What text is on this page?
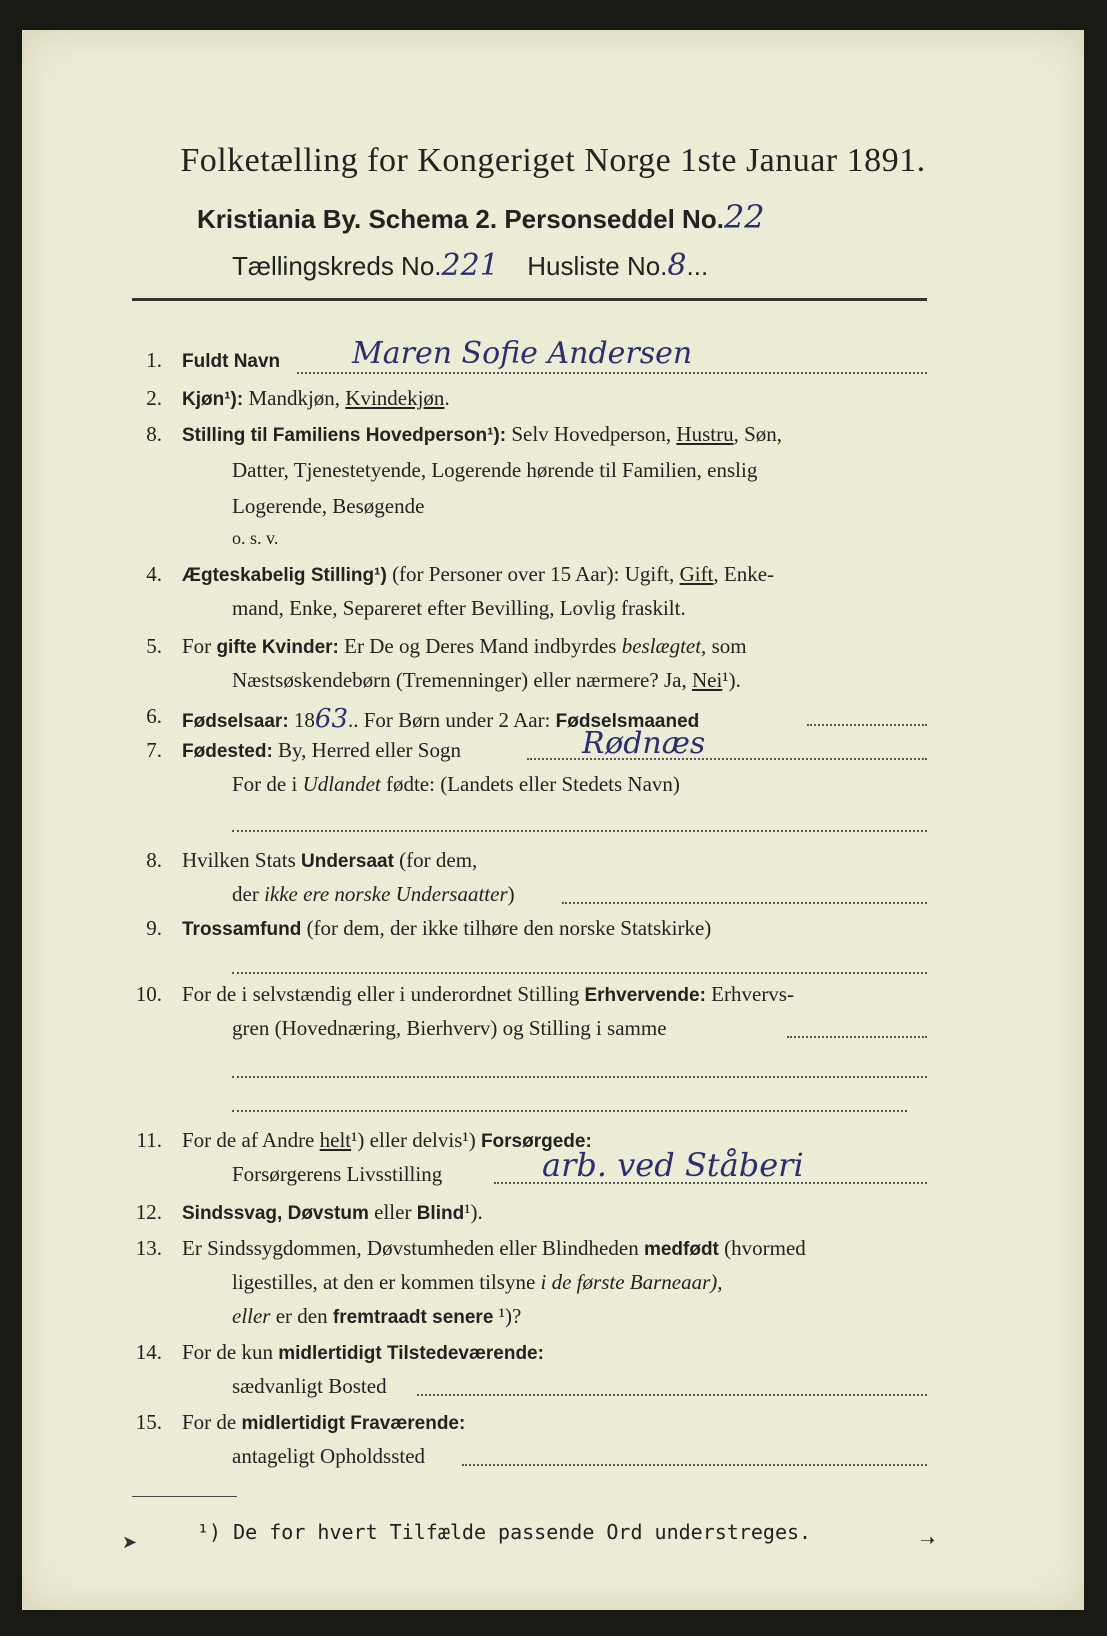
Folketælling for Kongeriget Norge 1ste Januar 1891.
Kristiania By. Schema 2. Personseddel No.22
Tællingskreds No.221 Husliste No.8...
1. Fuldt Navn	Maren Sofie Andersen
2. Kjøn¹): Mandkjøn, Kvindekjøn.
8. Stilling til Familiens Hovedperson¹): Selv Hovedperson, Hustru, Søn,
Datter, Tjenestetyende, Logerende hørende til Familien, enslig
Logerende, Besøgende
o. s. v.
4. Ægteskabelig Stilling¹) (for Personer over 15 Aar): Ugift, Gift, Enke-
mand, Enke, Separeret efter Bevilling, Lovlig fraskilt.
5. For gifte Kvinder: Er De og Deres Mand indbyrdes beslægtet, som
Næstsøskendebørn (Tremenninger) eller nærmere? Ja, Nei¹).
6. Fødselsaar: 1863.. For Børn under 2 Aar: Fødselsmaaned
7. Fødested: By, Herred eller Sogn	Rødnæs
For de i Udlandet fødte: (Landets eller Stedets Navn)
8. Hvilken Stats Undersaat (for dem,
der ikke ere norske Undersaatter)
9. Trossamfund (for dem, der ikke tilhøre den norske Statskirke)
10. For de i selvstændig eller i underordnet Stilling Erhvervende: Erhvervs-
gren (Hovednæring, Bierhverv) og Stilling i samme
11. For de af Andre helt¹) eller delvis¹) Forsørgede:
Forsørgerens Livsstilling	arb. ved Ståberi
12. Sindssvag, Døvstum eller Blind¹).
13. Er Sindssygdommen, Døvstumheden eller Blindheden medfødt (hvormed
ligestilles, at den er kommen tilsyne i de første Barneaar),
eller er den fremtraadt senere ¹)?
14. For de kun midlertidigt Tilstedeværende:
sædvanligt Bosted
15. For de midlertidigt Fraværende:
antageligt Opholdssted
¹) De for hvert Tilfælde passende Ord understreges.
➤	➝
